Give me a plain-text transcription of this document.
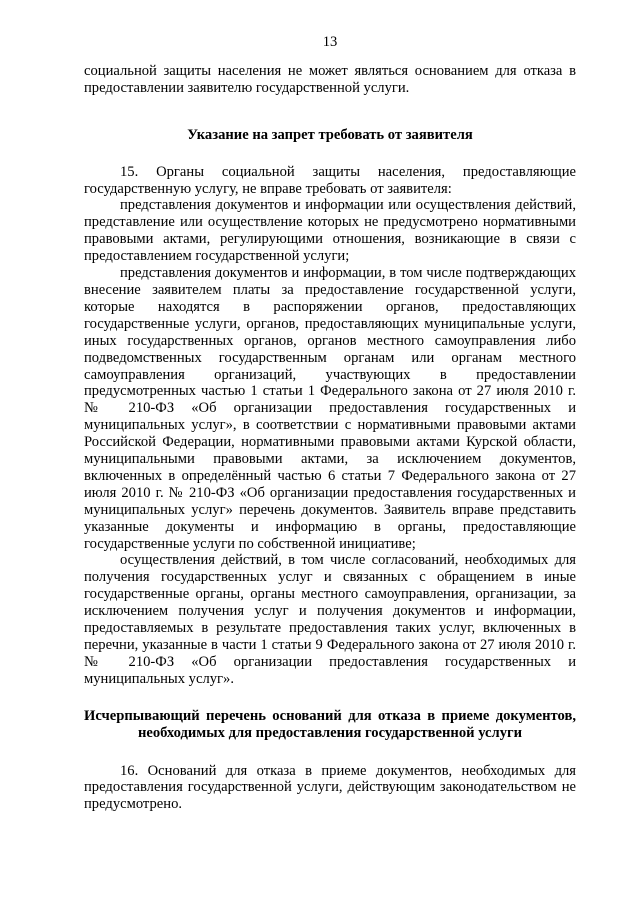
13

социальной защиты населения не может являться основанием для отказа в предоставлении заявителю государственной услуги.

Указание на запрет требовать от заявителя

15. Органы социальной защиты населения, предоставляющие государственную услугу, не вправе требовать от заявителя:

представления документов и информации или осуществления действий, представление или осуществление которых не предусмотрено нормативными правовыми актами, регулирующими отношения, возникающие в связи с предоставлением государственной услуги;

представления документов и информации, в том числе подтверждающих внесение заявителем платы за предоставление государственной услуги, которые находятся в распоряжении органов, предоставляющих государственные услуги, органов, предоставляющих муниципальные услуги, иных государственных органов, органов местного самоуправления либо подведомственных государственным органам или органам местного самоуправления организаций, участвующих в предоставлении предусмотренных частью 1 статьи 1 Федерального закона от 27 июля 2010 г. № 210-ФЗ «Об организации предоставления государственных и муниципальных услуг», в соответствии с нормативными правовыми актами Российской Федерации, нормативными правовыми актами Курской области, муниципальными правовыми актами, за исключением документов, включенных в определённый частью 6 статьи 7 Федерального закона от 27 июля 2010 г. № 210-ФЗ «Об организации предоставления государственных и муниципальных услуг» перечень документов. Заявитель вправе представить указанные документы и информацию в органы, предоставляющие государственные услуги по собственной инициативе;

осуществления действий, в том числе согласований, необходимых для получения государственных услуг и связанных с обращением в иные государственные органы, органы местного самоуправления, организации, за исключением получения услуг и получения документов и информации, предоставляемых в результате предоставления таких услуг, включенных в перечни, указанные в части 1 статьи 9 Федерального закона от 27 июля 2010 г. № 210-ФЗ «Об организации предоставления государственных и муниципальных услуг».

Исчерпывающий перечень оснований для отказа в приеме документов, необходимых для предоставления государственной услуги

16. Оснований для отказа в приеме документов, необходимых для предоставления государственной услуги, действующим законодательством не предусмотрено.
